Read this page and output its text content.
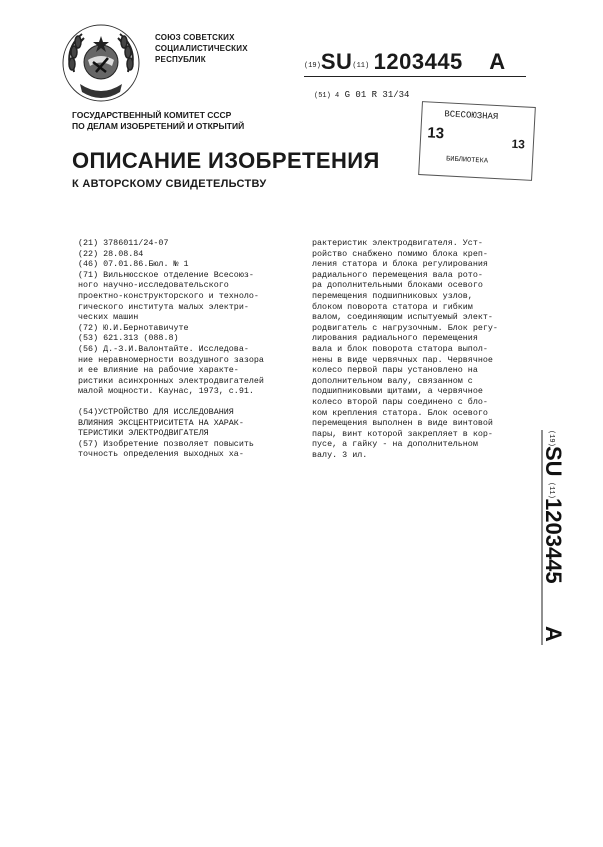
СОЮЗ СОВЕТСКИХ
СОЦИАЛИСТИЧЕСКИХ
РЕСПУБЛИК
(19)SU(11) 1203445 A
(51) 4 G 01 R 31/34
ГОСУДАРСТВЕННЫЙ КОМИТЕТ СССР
ПО ДЕЛАМ ИЗОБРЕТЕНИЙ И ОТКРЫТИЙ
ВСЕСОЮЗНАЯ
13
13
БИБЛИОТЕКА
ОПИСАНИЕ ИЗОБРЕТЕНИЯ
К АВТОРСКОМУ СВИДЕТЕЛЬСТВУ
(21) 3786011/24-07
(22) 28.08.84
(46) 07.01.86.Бюл. № 1
(71) Вильнюсское отделение Всесоюз-
ного научно-исследовательского
проектно-конструкторского и техноло-
гического института малых электри-
ческих машин
(72) Ю.И.Бернотавичуте
(53) 621.313 (088.8)
(56) Д.-З.И.Валонтайте. Исследова-
ние неравномерности воздушного зазора
и ее влияние на рабочие характе-
ристики асинхронных электродвигателей
малой мощности. Каунас, 1973, с.91.
(54)УСТРОЙСТВО ДЛЯ ИССЛЕДОВАНИЯ
ВЛИЯНИЯ ЭКСЦЕНТРИСИТЕТА НА ХАРАК-
ТЕРИСТИКИ ЭЛЕКТРОДВИГАТЕЛЯ
(57) Изобретение позволяет повысить
точность определения выходных ха-
рактеристик электродвигателя. Уст-
ройство снабжено помимо блока креп-
ления статора и блока регулирования
радиального перемещения вала рото-
ра дополнительными блоками осевого
перемещения подшипниковых узлов,
блоком поворота статора и гибким
валом, соединяющим испытуемый элект-
родвигатель с нагрузочным. Блок регу-
лирования радиального перемещения
вала и блок поворота статора выпол-
нены в виде червячных пар. Червячное
колесо первой пары установлено на
дополнительном валу, связанном с
подшипниковыми щитами, а червячное
колесо второй пары соединено с бло-
ком крепления статора. Блок осевого
перемещения выполнен в виде винтовой
пары, винт которой закрепляет в кор-
пусе, а гайку - на дополнительном
валу. 3 ил.
(19)
SU
(11)
1203445
A
